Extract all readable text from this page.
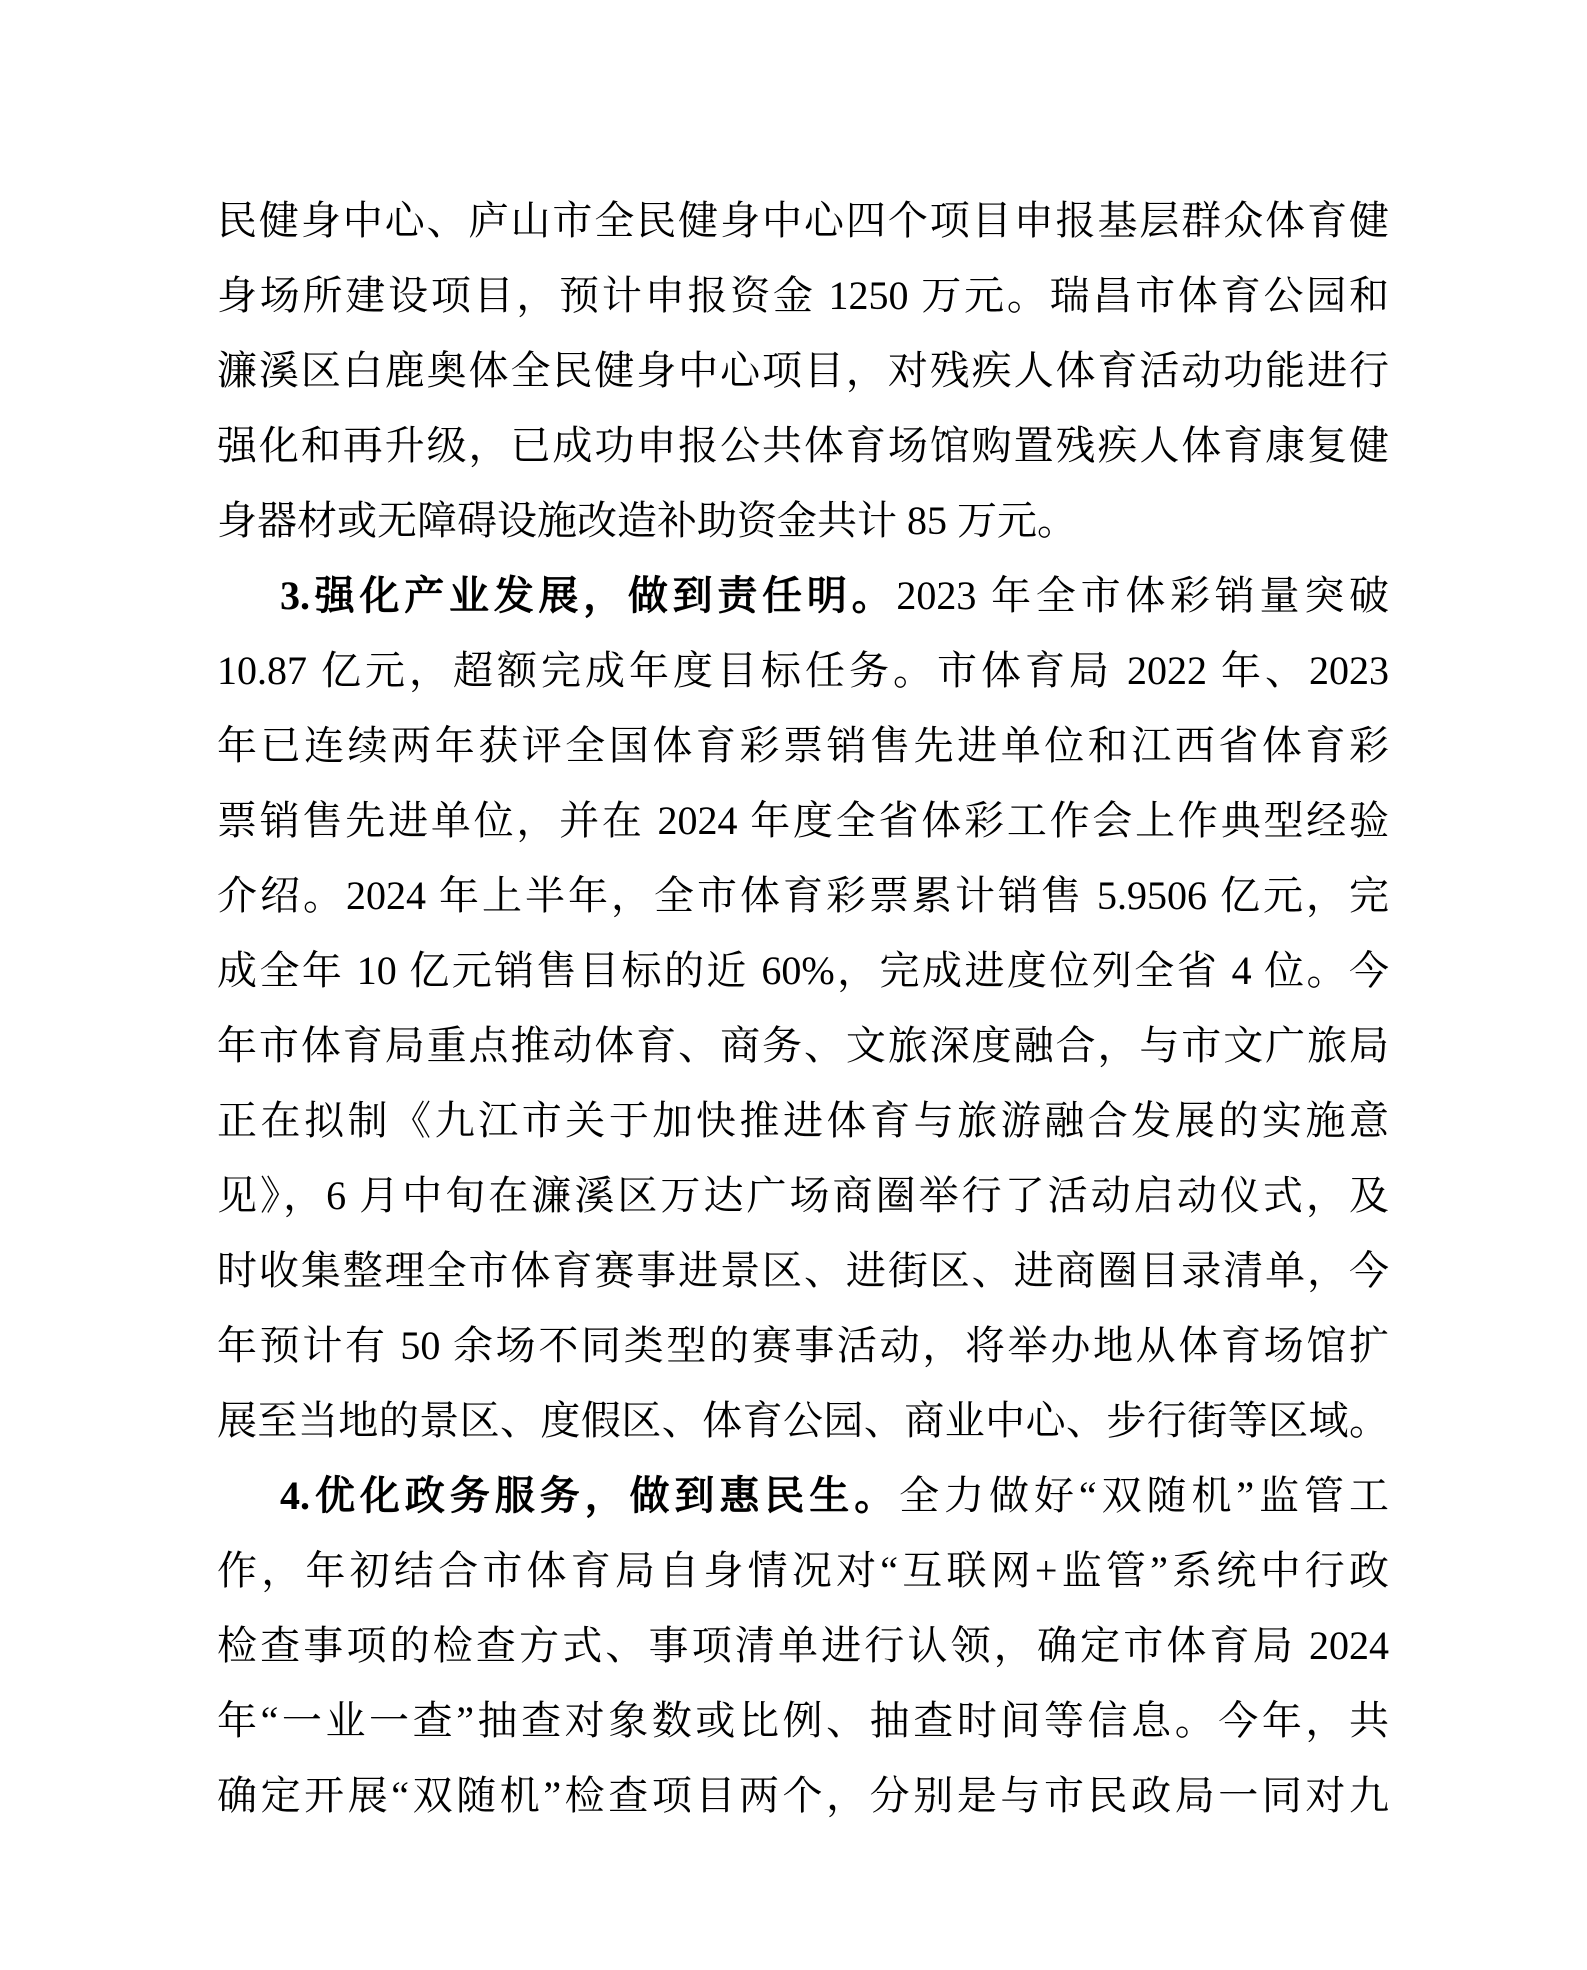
民健身中心、庐山市全民健身中心四个项目申报基层群众体育健
身场所建设项目，预计申报资金 1250 万元。瑞昌市体育公园和
濂溪区白鹿奥体全民健身中心项目，对残疾人体育活动功能进行
强化和再升级，已成功申报公共体育场馆购置残疾人体育康复健
身器材或无障碍设施改造补助资金共计 85 万元。
3.强化产业发展，做到责任明。2023 年全市体彩销量突破
10.87 亿元，超额完成年度目标任务。市体育局 2022 年、2023
年已连续两年获评全国体育彩票销售先进单位和江西省体育彩
票销售先进单位，并在 2024 年度全省体彩工作会上作典型经验
介绍。2024 年上半年，全市体育彩票累计销售 5.9506 亿元，完
成全年 10 亿元销售目标的近 60%，完成进度位列全省 4 位。今
年市体育局重点推动体育、商务、文旅深度融合，与市文广旅局
正在拟制《九江市关于加快推进体育与旅游融合发展的实施意
见》，6 月中旬在濂溪区万达广场商圈举行了活动启动仪式，及
时收集整理全市体育赛事进景区、进街区、进商圈目录清单，今
年预计有 50 余场不同类型的赛事活动，将举办地从体育场馆扩
展至当地的景区、度假区、体育公园、商业中心、步行街等区域。
4.优化政务服务，做到惠民生。全力做好“双随机”监管工
作，年初结合市体育局自身情况对“互联网+监管”系统中行政
检查事项的检查方式、事项清单进行认领，确定市体育局 2024
年“一业一查”抽查对象数或比例、抽查时间等信息。今年，共
确定开展“双随机”检查项目两个，分别是与市民政局一同对九
